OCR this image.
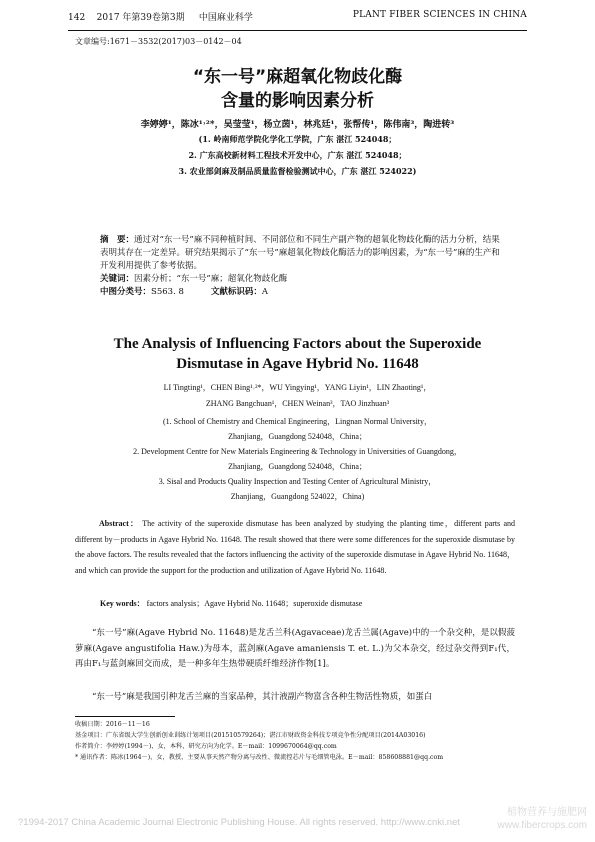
142 2017 年第39卷第3期 中国麻业科学	PLANT FIBER SCIENCES IN CHINA
文章编号:1671－3532(2017)03－0142－04
“东一号”麻超氧化物歧化酶
含量的影响因素分析
李婷婷¹，陈冰¹˒²*，吴莹莹¹，杨立茵¹，林兆廷¹，张帮传¹，陈伟南³，陶进转³
(1. 岭南师范学院化学化工学院，广东 湛江 524048；
2. 广东高校新材料工程技术开发中心，广东 湛江 524048；
3. 农业部剑麻及制品质量监督检验测试中心，广东 湛江 524022)
摘　要：通过对“东一号”麻不同种植时间、不同部位和不同生产副产物的超氧化物歧化酶的活力分析，结果表明其存在一定差异。研究结果揭示了“东一号”麻超氧化物歧化酶活力的影响因素，为“东一号”麻的生产和开发利用提供了参考依据。
关键词：因素分析；“东一号”麻；超氧化物歧化酶
中图分类号：S563. 8	文献标识码：A
The Analysis of Influencing Factors about the Superoxide
Dismutase in Agave Hybrid No. 11648
LI Tingting¹，CHEN Bing¹˒²*，WU Yingying¹，YANG Liyin¹，LIN Zhaoting¹，
ZHANG Bangchuan¹，CHEN Weinan³，TAO Jinzhuan³
(1. School of Chemistry and Chemical Engineering，Lingnan Normal University，
Zhanjiang，Guangdong 524048，China；
2. Development Centre for New Materials Engineering & Technology in Universities of Guangdong，
Zhanjiang，Guangdong 524048，China；
3. Sisal and Products Quality Inspection and Testing Center of Agricultural Ministry，
Zhanjiang，Guangdong 524022，China)
Abstract： The activity of the superoxide dismutase has been analyzed by studying the planting time，different parts and different by－products in Agave Hybrid No. 11648. The result showed that there were some differences for the superoxide dismutase by the above factors. The results revealed that the factors influencing the activity of the superoxide dismutase in Agave Hybrid No. 11648，and which can provide the support for the production and utilization of Agave Hybrid No. 11648.
Key words： factors analysis；Agave Hybrid No. 11648；superoxide dismutase
“东一号”麻(Agave Hybrid No. 11648)是龙舌兰科(Agavaceae)龙舌兰属(Agave)中的一个杂交种，是以假菠萝麻(Agave angustifolia Haw.)为母本，蓝剑麻(Agave amaniensis T. et. L.)为父本杂交，经过杂交得到F₁代，再由F₁与蓝剑麻回交而成，是一种多年生热带硬质纤维经济作物[1]。
“东一号”麻是我国引种龙舌兰麻的当家品种，其汁液副产物富含各种生物活性物质，如蛋白
收稿日期：2016－11－16
基金项目：广东省级大学生创新创业训练计划项目(201510579264)；湛江市财政资金科技专项竞争性分配项目(2014A03016)
作者简介：李婷婷(1994－)，女，本科，研究方向为化学。E－mail：1099670064@qq.com
* 通讯作者：陈冰(1964－)，女，教授，主要从事天然产物分离与改性、微流控芯片与毛细管电泳。E－mail：858608881@qq.com
?1994-2017 China Academic Journal Electronic Publishing House. All rights reserved. http://www.cnki.net
植物营养与施肥网
www.fibercrops.com
